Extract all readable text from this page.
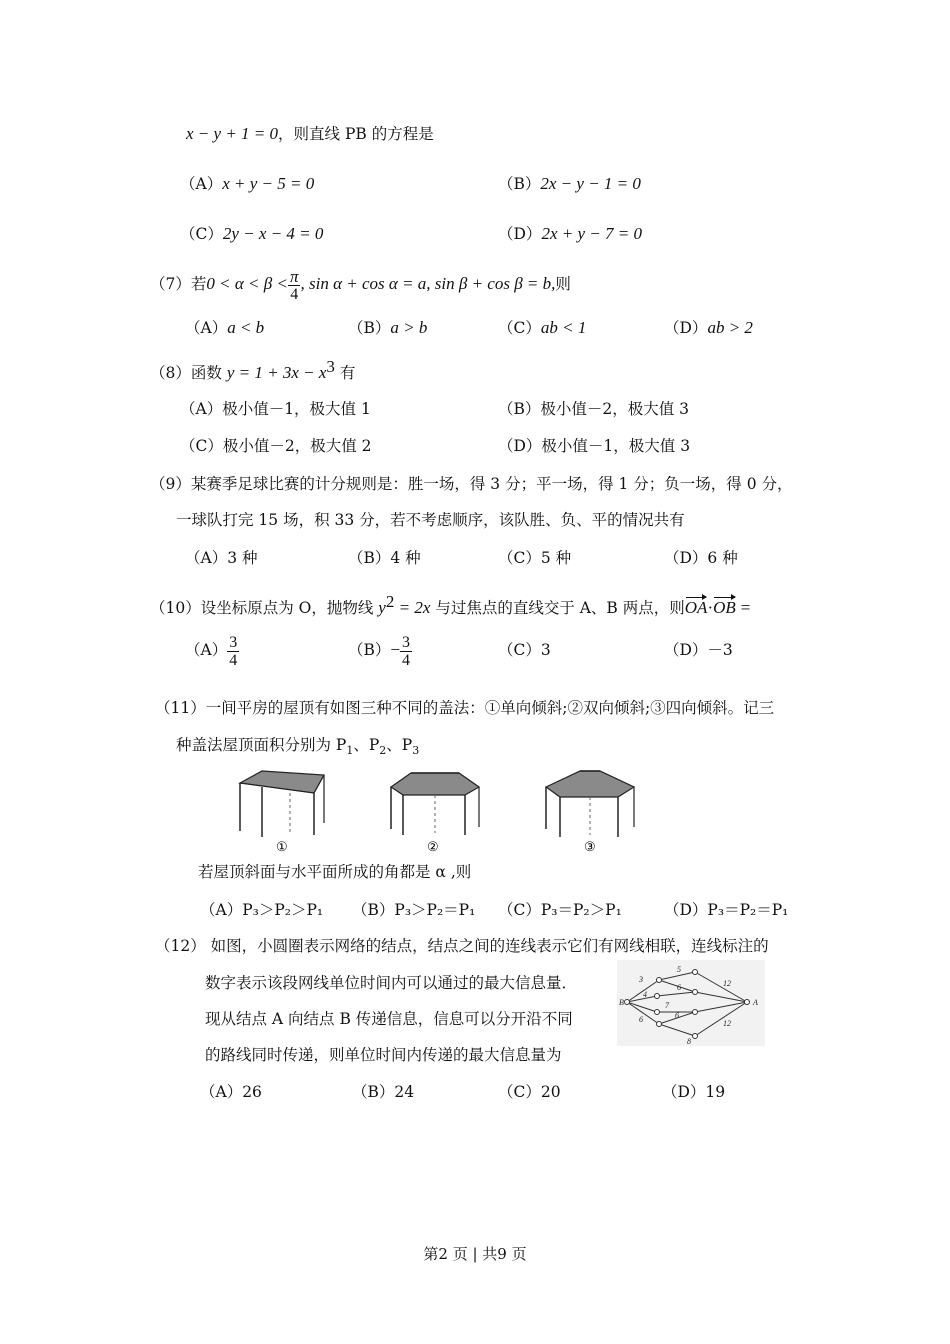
x − y + 1 = 0，则直线 PB 的方程是
（A）x + y − 5 = 0	（B）2x − y − 1 = 0
（C）2y − x − 4 = 0	（D）2x + y − 7 = 0
（7）若$0 < \alpha < \beta < \frac{\pi}{4}$ , sin α + cos α = a, sin β + cos β = b,则
（A）a < b	（B）a > b	（C）ab < 1	（D）ab > 2
（8）函数 $y = 1 + 3x - x^3$ 有
（A）极小值－1，极大值 1	（B）极小值－2，极大值 3
（C）极小值－2，极大值 2	（D）极小值－1，极大值 3
（9）某赛季足球比赛的计分规则是：胜一场，得 3 分；平一场，得 1 分；负一场，得 0 分，
一球队打完 15 场，积 33 分，若不考虑顺序，该队胜、负、平的情况共有
（A）3 种	（B）4 种	（C）5 种	（D）6 种
（10）设坐标原点为 O，抛物线 $y^2 = 2x$ 与过焦点的直线交于 A、B 两点，则OA·OB =
$(A) \frac{3}{4}$	$(B)- \frac{3}{4}$	（C）3	（D）－3
（11）一间平房的屋顶有如图三种不同的盖法：①单向倾斜;②双向倾斜;③四向倾斜。记三
种盖法屋顶面积分别为 $P_1$、$P_2$、$P_3$
①	②	③
若屋顶斜面与水平面所成的角都是 α ,则
（A）P₃＞P₂＞P₁ （B）P₃＞P₂＝P₁ （C）P₃＝P₂＞P₁	（D）P₃＝P₂＝P₁
（12） 如图，小圆圈表示网络的结点，结点之间的连线表示它们有网线相联，连线标注的
数字表示该段网线单位时间内可以通过的最大信息量．
现从结点 A 向结点 B 传递信息，信息可以分开沿不同
的路线同时传递，则单位时间内传递的最大信息量为
B	A
3
5
4
6	12
7
6
6	12
8
（A）26	（B）24	（C）20	（D）19
第2 页 | 共9 页
